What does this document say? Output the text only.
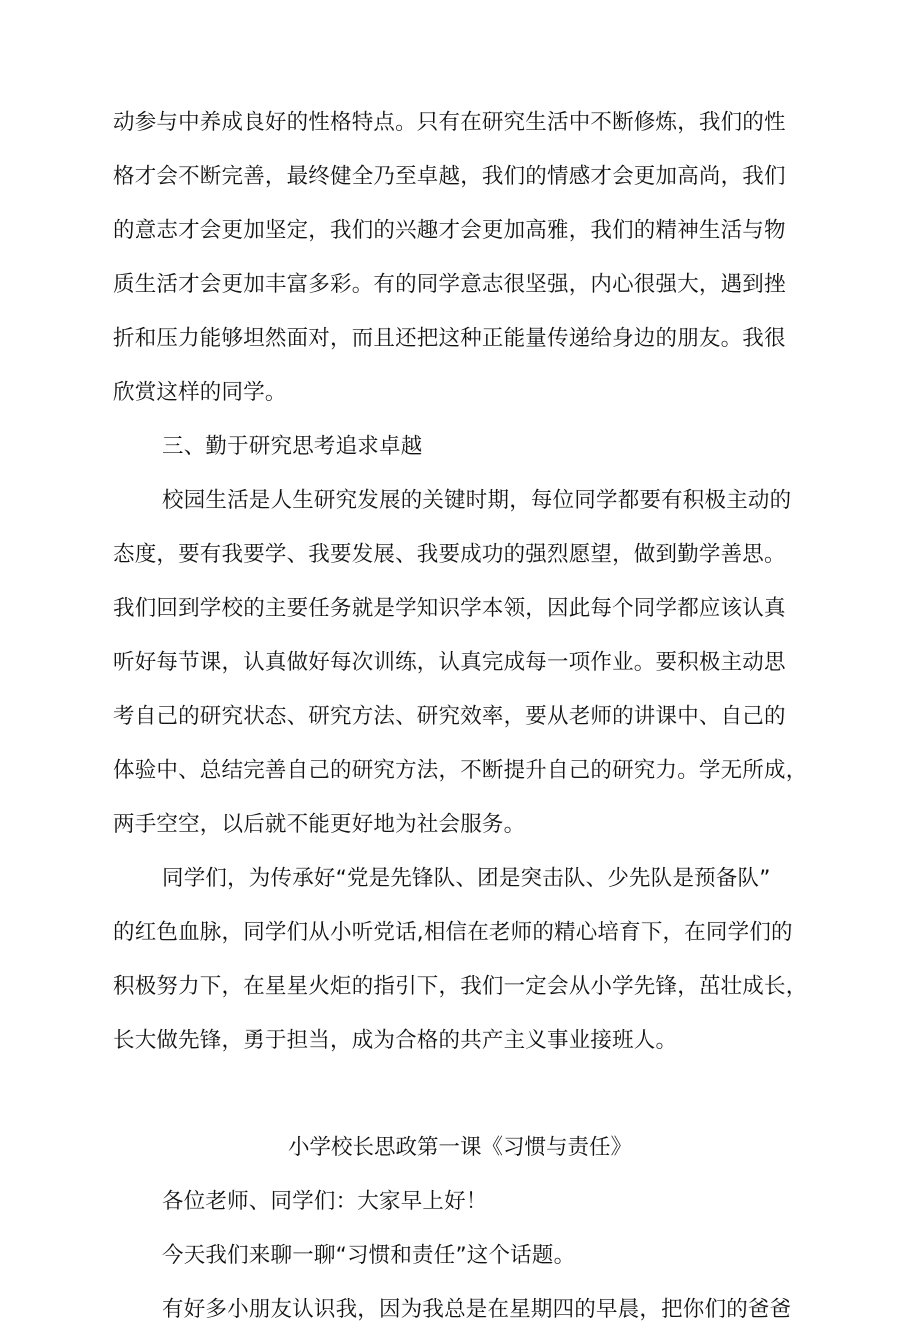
动参与中养成良好的性格特点。只有在研究生活中不断修炼，我们的性
格才会不断完善，最终健全乃至卓越，我们的情感才会更加高尚，我们
的意志才会更加坚定，我们的兴趣才会更加高雅，我们的精神生活与物
质生活才会更加丰富多彩。有的同学意志很坚强，内心很强大，遇到挫
折和压力能够坦然面对，而且还把这种正能量传递给身边的朋友。我很
欣赏这样的同学。
三、勤于研究思考追求卓越
校园生活是人生研究发展的关键时期，每位同学都要有积极主动的
态度，要有我要学、我要发展、我要成功的强烈愿望，做到勤学善思。
我们回到学校的主要任务就是学知识学本领，因此每个同学都应该认真
听好每节课，认真做好每次训练，认真完成每一项作业。要积极主动思
考自己的研究状态、研究方法、研究效率，要从老师的讲课中、自己的
体验中、总结完善自己的研究方法，不断提升自己的研究力。学无所成，
两手空空，以后就不能更好地为社会服务。
同学们，为传承好“党是先锋队、团是突击队、少先队是预备队”
的红色血脉，同学们从小听党话,相信在老师的精心培育下，在同学们的
积极努力下，在星星火炬的指引下，我们一定会从小学先锋，茁壮成长，
长大做先锋，勇于担当，成为合格的共产主义事业接班人。
小学校长思政第一课《习惯与责任》
各位老师、同学们：大家早上好！
今天我们来聊一聊“习惯和责任”这个话题。
有好多小朋友认识我，因为我总是在星期四的早晨，把你们的爸爸
